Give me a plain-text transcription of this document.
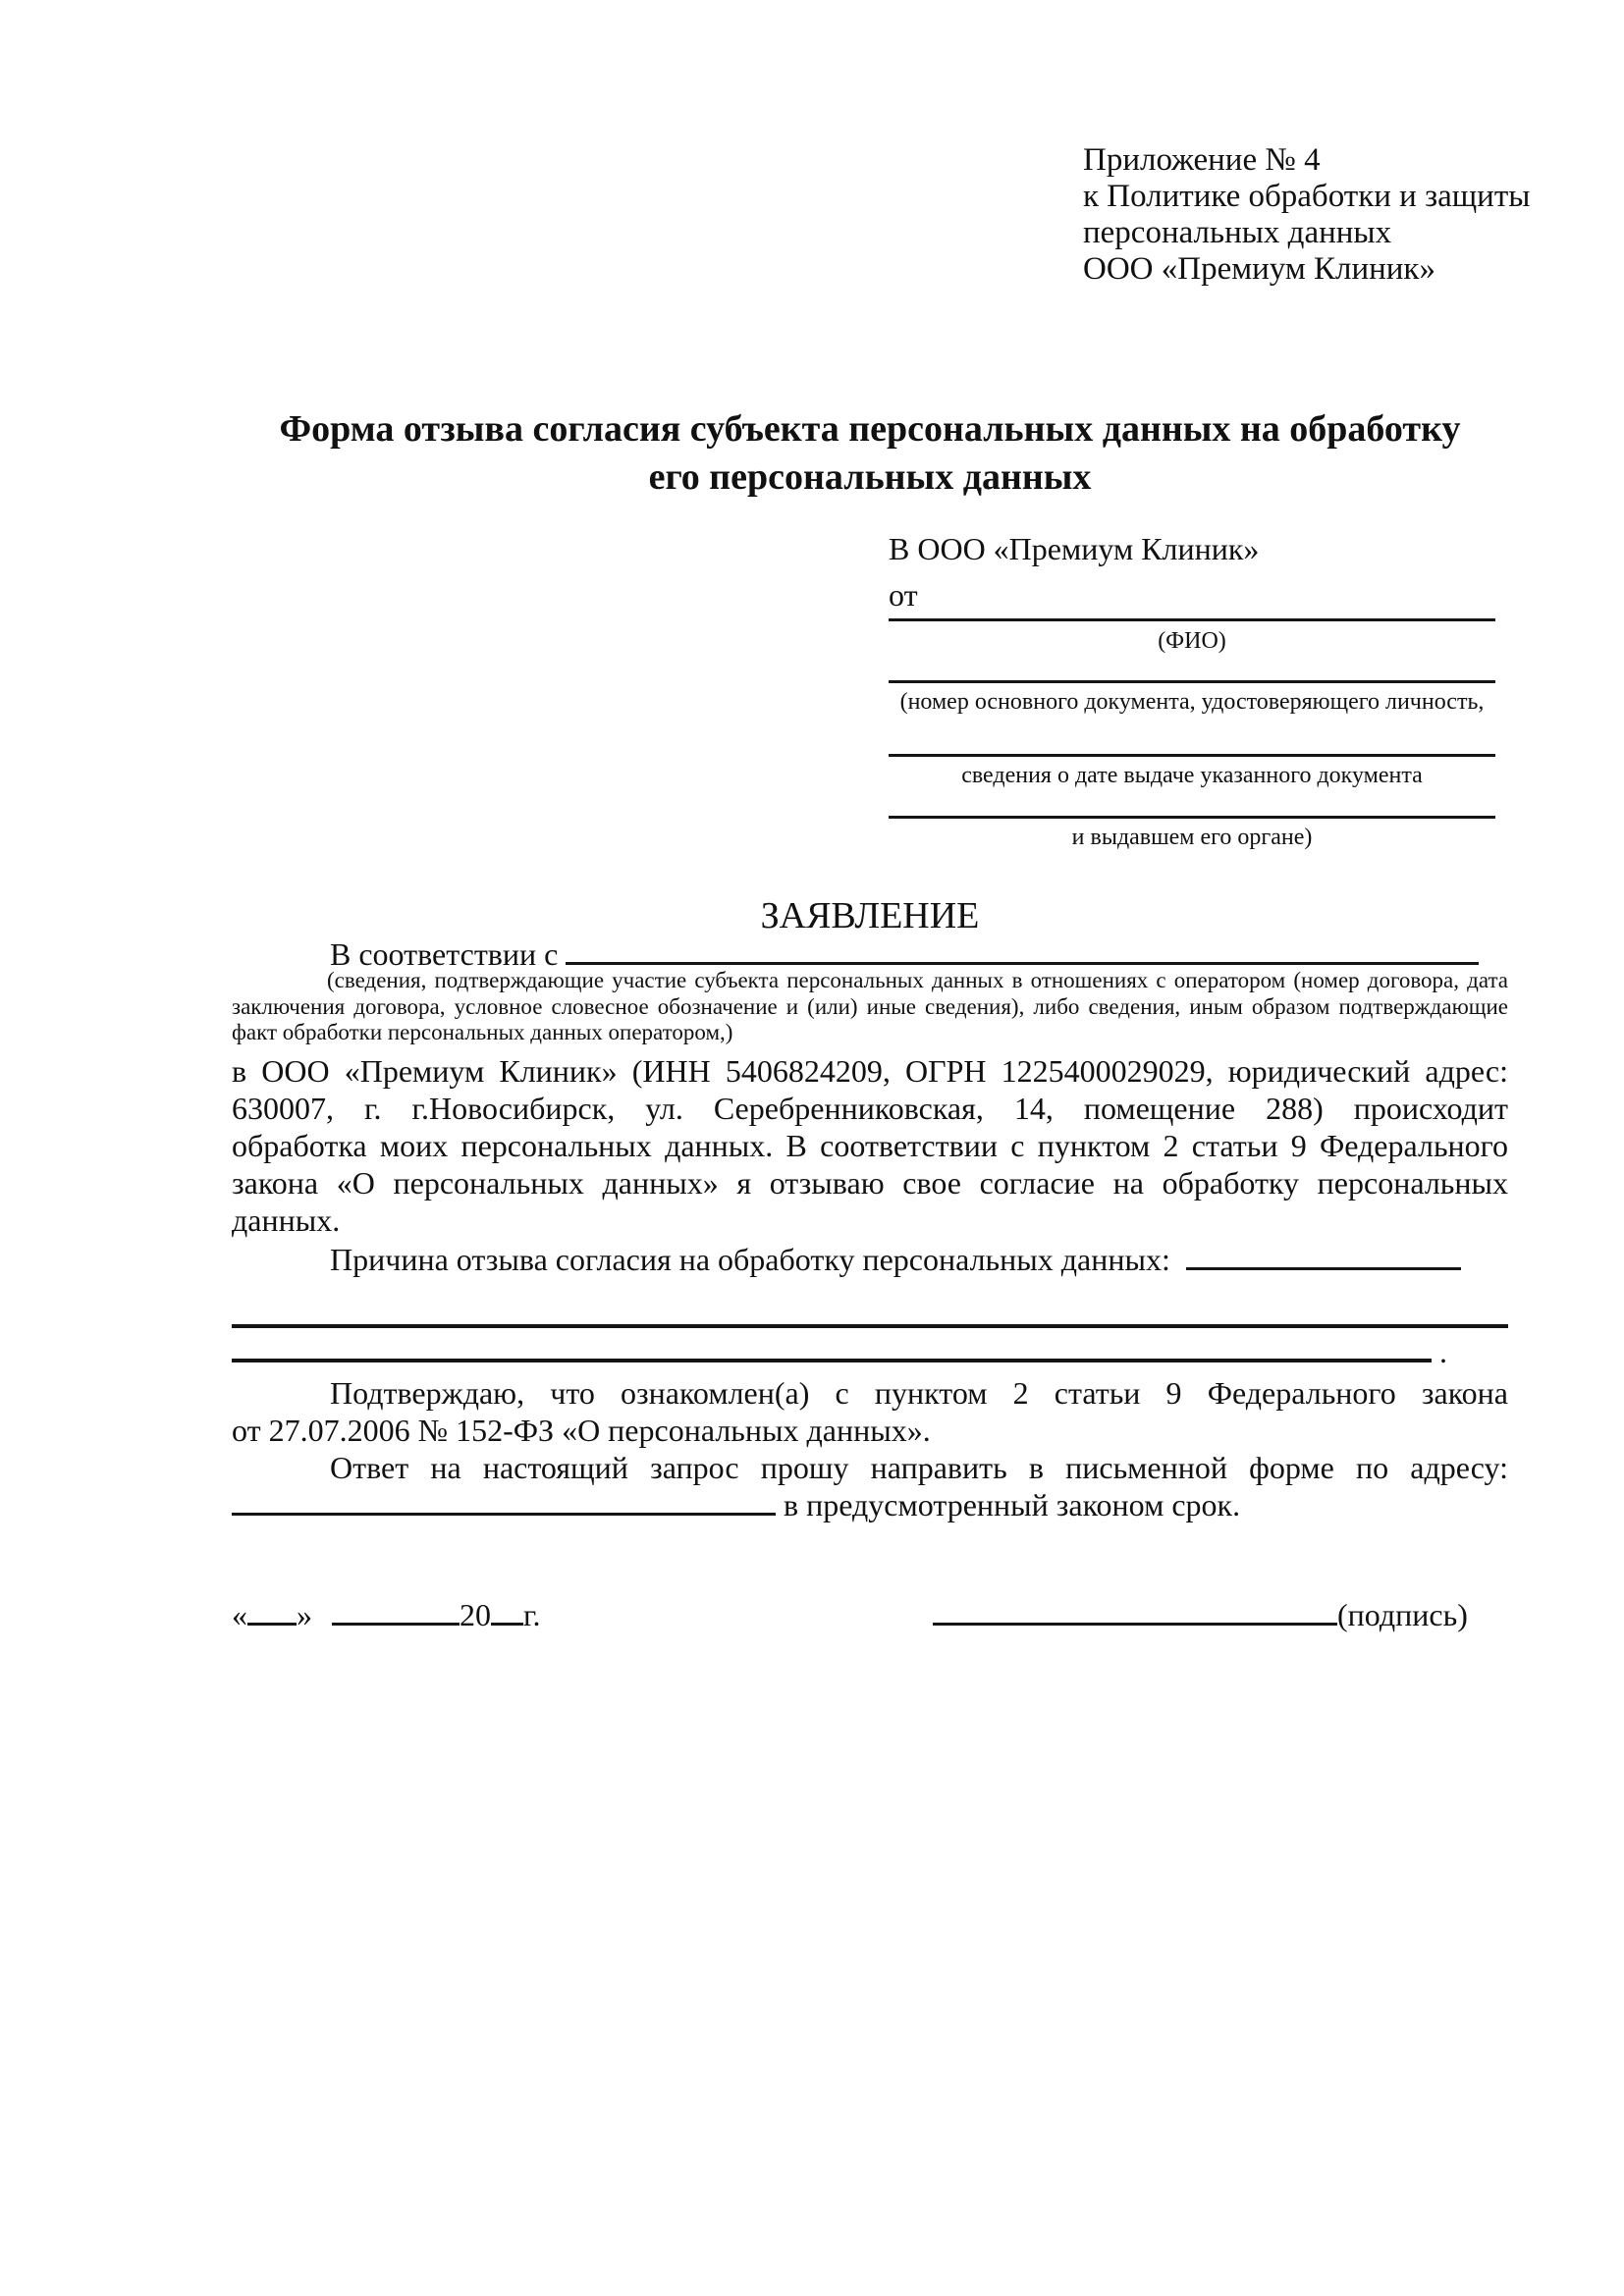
Приложение № 4
к Политике обработки и защиты
персональных данных
ООО «Премиум Клиник»
Форма отзыва согласия субъекта персональных данных на обработку
его персональных данных
В ООО «Премиум Клиник»
от
(ФИО)
(номер основного документа, удостоверяющего личность,
сведения о дате выдаче указанного документа
и выдавшем его органе)
ЗАЯВЛЕНИЕ
В соответствии с
(сведения, подтверждающие участие субъекта персональных данных в отношениях с оператором (номер договора, дата заключения договора, условное словесное обозначение и (или) иные сведения), либо сведения, иным образом подтверждающие факт обработки персональных данных оператором,)
в ООО «Премиум Клиник» (ИНН 5406824209, ОГРН 1225400029029, юридический адрес:
630007, г. г.Новосибирск, ул. Серебренниковская, 14, помещение 288) происходит
обработка моих персональных данных. В соответствии с пунктом 2 статьи 9 Федерального
закона «О персональных данных» я отзываю свое согласие на обработку персональных
данных.
Причина отзыва согласия на обработку персональных данных:
.
Подтверждаю, что ознакомлен(а) с пунктом 2 статьи 9 Федерального закона
от 27.07.2006 № 152-ФЗ «О персональных данных».
Ответ на настоящий запрос прошу направить в письменной форме по адресу:
в предусмотренный законом срок.
« »	20 г.	(подпись)
